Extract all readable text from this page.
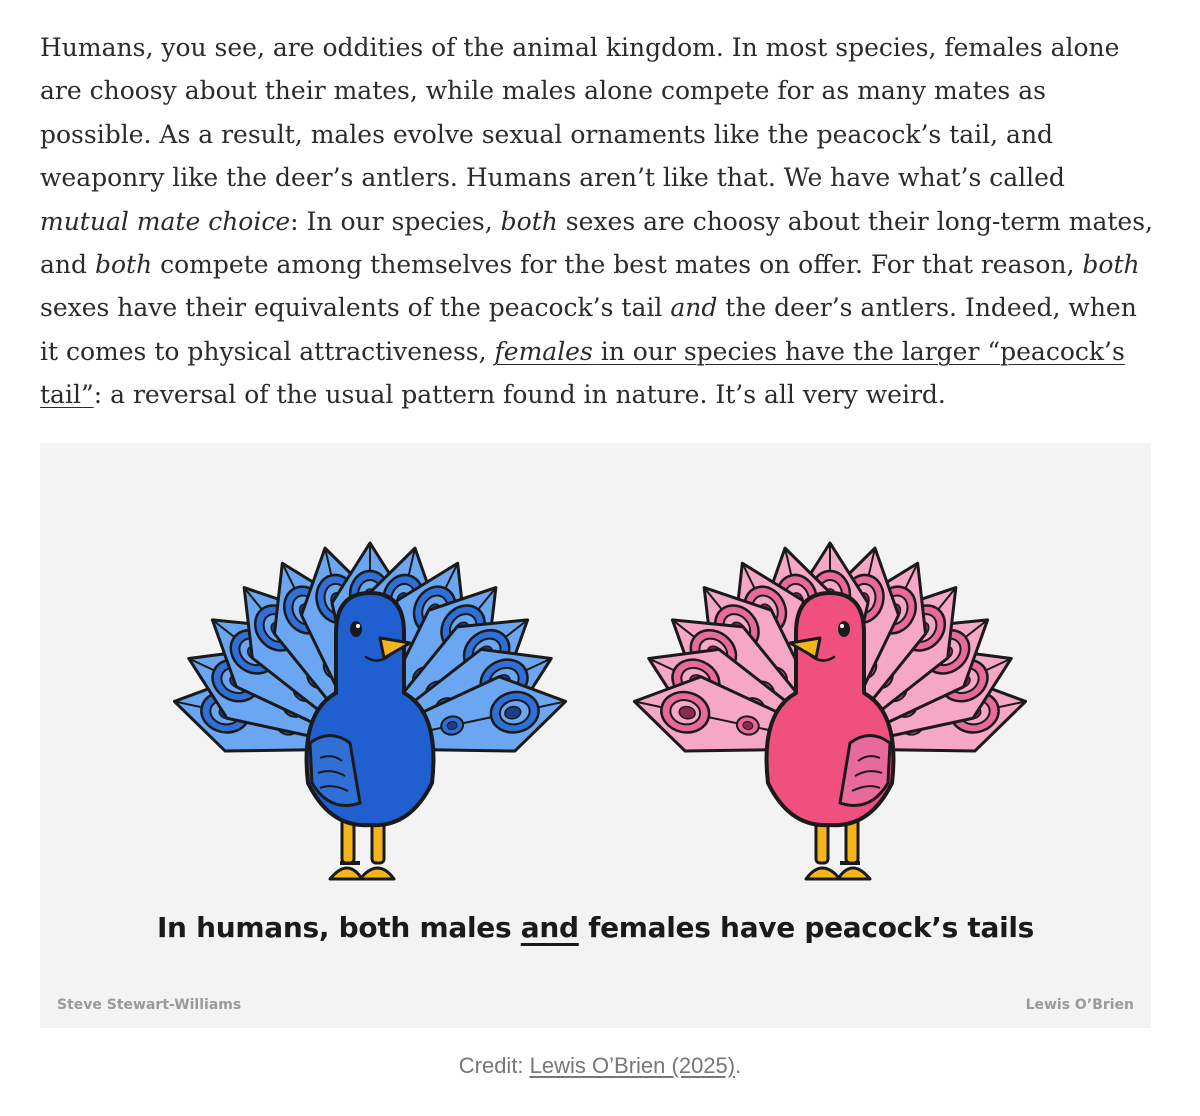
Humans, you see, are oddities of the animal kingdom. In most species, females alone are choosy about their mates, while males alone compete for as many mates as possible. As a result, males evolve sexual ornaments like the peacock’s tail, and weaponry like the deer’s antlers. Humans aren’t like that. We have what’s called mutual mate choice: In our species, both sexes are choosy about their long-term mates, and both compete among themselves for the best mates on offer. For that reason, both sexes have their equivalents of the peacock’s tail and the deer’s antlers. Indeed, when it comes to physical attractiveness, females in our species have the larger “peacock’s tail”: a reversal of the usual pattern found in nature. It’s all very weird.

In humans, both males and females have peacock’s tails
Steve Stewart-Williams	Lewis O’Brien
Credit: Lewis O’Brien (2025).
